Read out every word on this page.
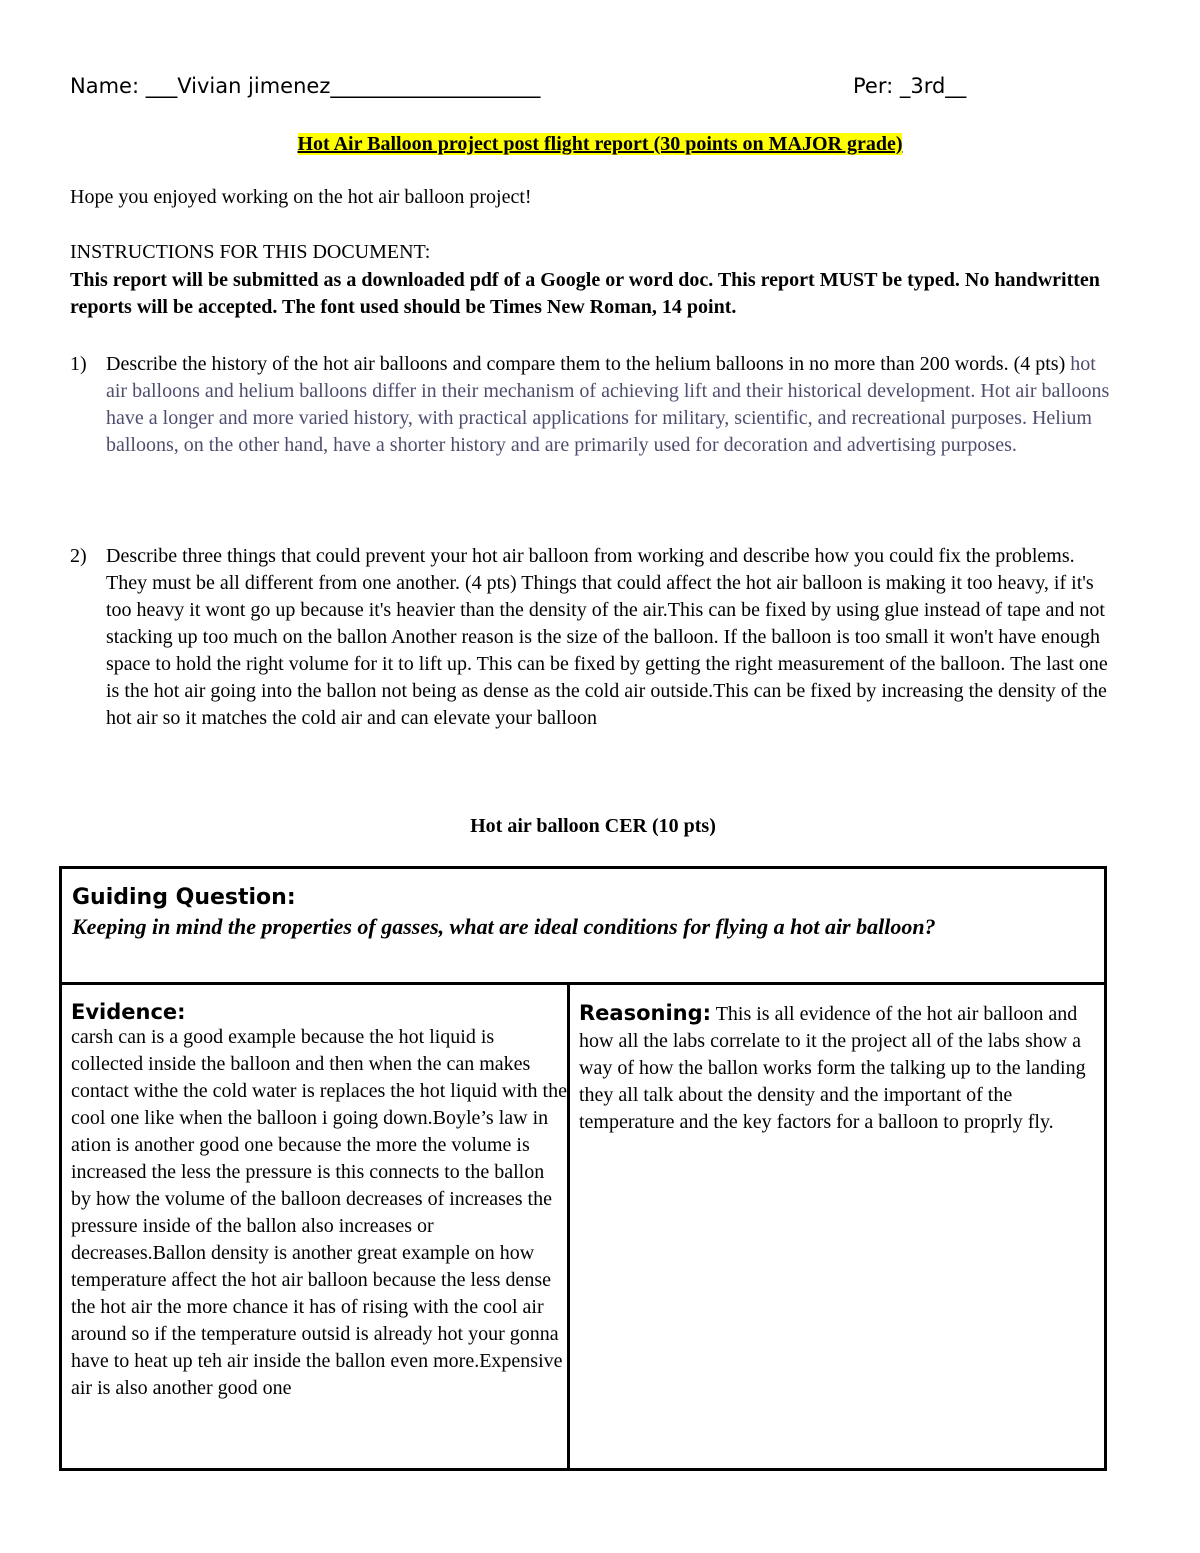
Name: ___Vivian jimenez____________________	Per: _3rd__
Hot Air Balloon project post flight report (30 points on MAJOR grade)
Hope you enjoyed working on the hot air balloon project!
INSTRUCTIONS FOR THIS DOCUMENT:
This report will be submitted as a downloaded pdf of a Google or word doc. This report MUST be typed. No handwritten reports will be accepted. The font used should be Times New Roman, 14 point.
1) Describe the history of the hot air balloons and compare them to the helium balloons in no more than 200 words. (4 pts) hot air balloons and helium balloons differ in their mechanism of achieving lift and their historical development. Hot air balloons have a longer and more varied history, with practical applications for military, scientific, and recreational purposes. Helium balloons, on the other hand, have a shorter history and are primarily used for decoration and advertising purposes.
2) Describe three things that could prevent your hot air balloon from working and describe how you could fix the problems. They must be all different from one another. (4 pts) Things that could affect the hot air balloon is making it too heavy, if it's too heavy it wont go up because it's heavier than the density of the air.This can be fixed by using glue instead of tape and not stacking up too much on the ballon Another reason is the size of the balloon. If the balloon is too small it won't have enough space to hold the right volume for it to lift up. This can be fixed by getting the right measurement of the balloon. The last one is the hot air going into the ballon not being as dense as the cold air outside.This can be fixed by increasing the density of the hot air so it matches the cold air and can elevate your balloon
Hot air balloon CER (10 pts)
Guiding Question:
Keeping in mind the properties of gasses, what are ideal conditions for flying a hot air balloon?
Evidence:
carsh can is a good example because the hot liquid is collected inside the balloon and then when the can makes contact withe the cold water is replaces the hot liquid with the cool one like when the balloon i going down.Boyle’s law in ation is another good one because the more the volume is increased the less the pressure is this connects to the ballon by how the volume of the balloon decreases of increases the pressure inside of the ballon also increases or decreases.Ballon density is another great example on how temperature affect the hot air balloon because the less dense the hot air the more chance it has of rising with the cool air around so if the temperature outsid is already hot your gonna have to heat up teh air inside the ballon even more.Expensive air is also another good one
Reasoning: This is all evidence of the hot air balloon and how all the labs correlate to it the project all of the labs show a way of how the ballon works form the talking up to the landing they all talk about the density and the important of the temperature and the key factors for a balloon to proprly fly.
